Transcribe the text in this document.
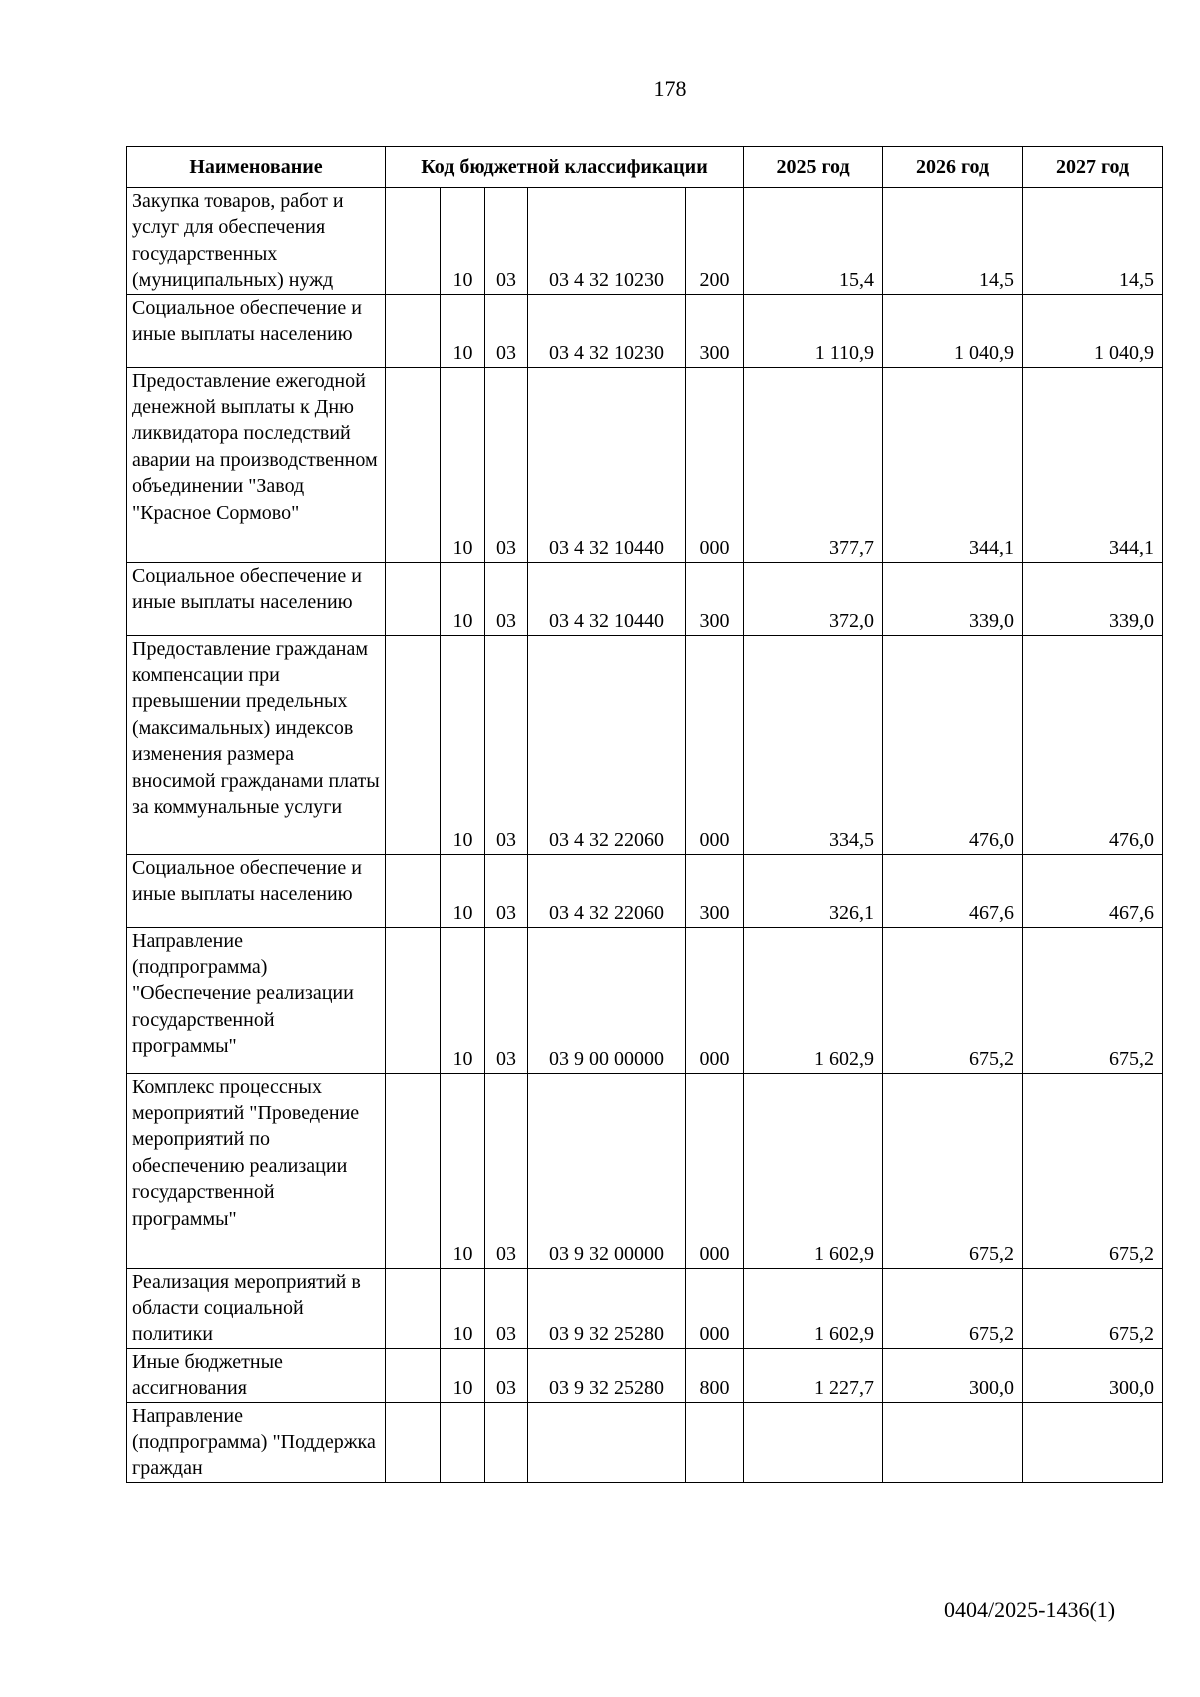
178
Наименование	Код бюджетной классификации					2025 год	2026 год	2027 год
Закупка товаров, работ и услуг для обеспечения государственных (муниципальных) нужд		10	03	03 4 32 10230	200	15,4	14,5	14,5
Социальное обеспечение и иные выплаты населению		10	03	03 4 32 10230	300	1 110,9	1 040,9	1 040,9
Предоставление ежегодной денежной выплаты к Дню ликвидатора последствий аварии на производственном объединении "Завод "Красное Сормово"		10	03	03 4 32 10440	000	377,7	344,1	344,1
Социальное обеспечение и иные выплаты населению		10	03	03 4 32 10440	300	372,0	339,0	339,0
Предоставление гражданам компенсации при превышении предельных (максимальных) индексов изменения размера вносимой гражданами платы за коммунальные услуги		10	03	03 4 32 22060	000	334,5	476,0	476,0
Социальное обеспечение и иные выплаты населению		10	03	03 4 32 22060	300	326,1	467,6	467,6
Направление (подпрограмма) "Обеспечение реализации государственной программы"		10	03	03 9 00 00000	000	1 602,9	675,2	675,2
Комплекс процессных мероприятий "Проведение мероприятий по обеспечению реализации государственной программы"		10	03	03 9 32 00000	000	1 602,9	675,2	675,2
Реализация мероприятий в области социальной политики		10	03	03 9 32 25280	000	1 602,9	675,2	675,2
Иные бюджетные ассигнования		10	03	03 9 32 25280	800	1 227,7	300,0	300,0
Направление (подпрограмма) "Поддержка граждан								
0404/2025-1436(1)
